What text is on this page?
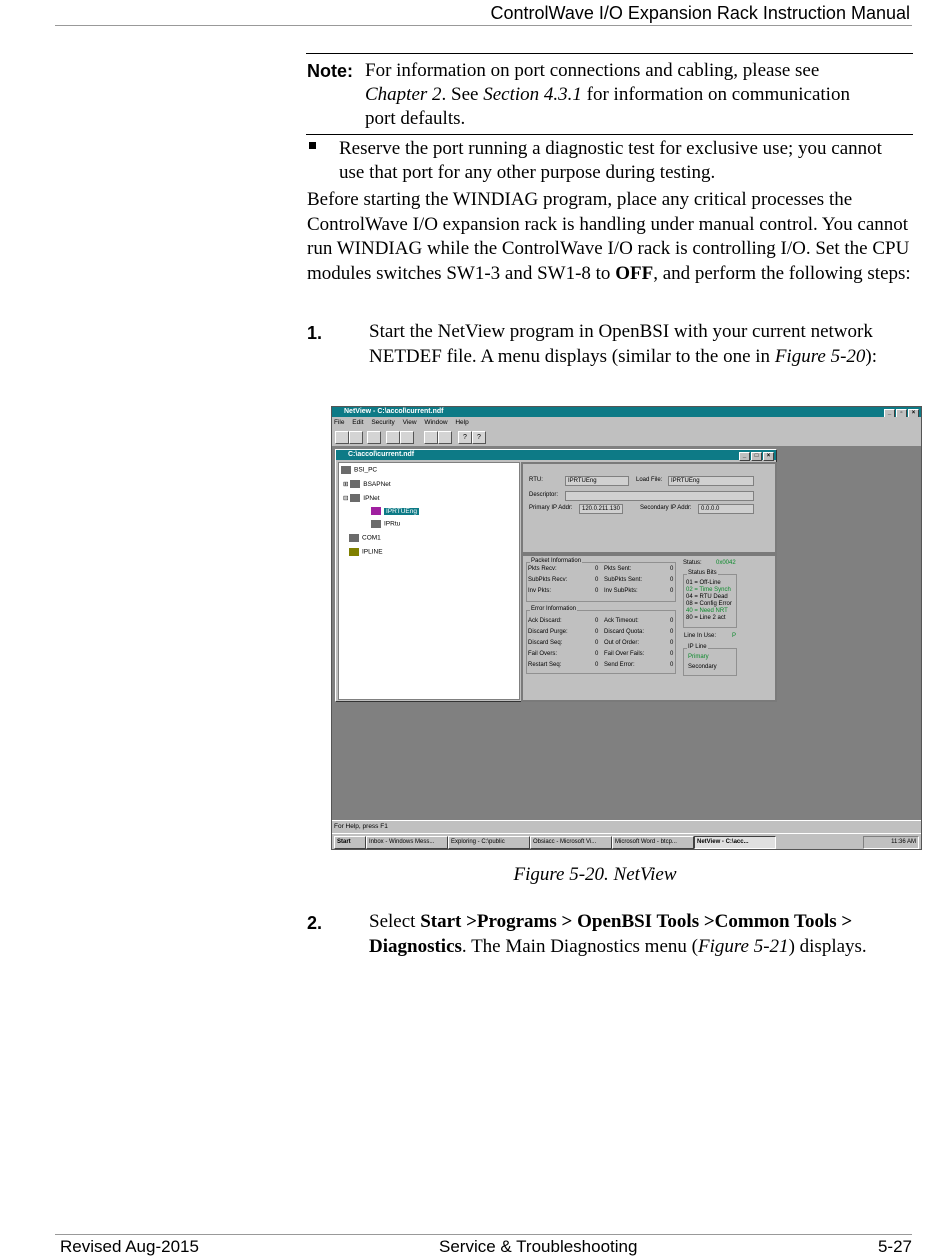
ControlWave I/O Expansion Rack Instruction Manual
Note: For information on port connections and cabling, please see
Chapter 2. See Section 4.3.1 for information on communication
port defaults.
Reserve the port running a diagnostic test for exclusive use; you cannot use that port for any other purpose during testing.
Before starting the WINDIAG program, place any critical processes the ControlWave I/O expansion rack is handling under manual control. You cannot run WINDIAG while the ControlWave I/O rack is controlling I/O. Set the CPU modules switches SW1-3 and SW1-8 to OFF, and perform the following steps:
1. Start the NetView program in OpenBSI with your current network NETDEF file. A menu displays (similar to the one in Figure 5-20):
NetView - C:\accol\current.ndf	_ ▫ ×
File Edit Security View Window Help
?	?
C:\accol\current.ndf	_ □ ×
BSI_PC
⊞ BSAPNet
⊟ IPNet
IPRTUEng
IPRtu
COM1
IPLINE
RTU:	IPRTUEng	Load File:	IPRTUEng
Descriptor:
Primary IP Addr:	120.0.211.130	Secondary IP Addr:	0.0.0.0
Packet Information
Error Information
Pkts Recv:	0 Pkts Sent:	0
SubPkts Recv:	0 SubPkts Sent:	0
Inv Pkts:	0 Inv SubPkts:	0
Ack Discard:	0 Ack Timeout:	0
Discard Purge:	0 Discard Quota:	0
Discard Seq:	0 Out of Order:	0
Fail Overs:	0 Fail Over Fails:	0
Restart Seq:	0 Send Error:	0
Status: 0x0042
Status Bits
01 = Off-Line
02 = Time Synch
04 = RTU Dead
08 = Config Error
40 = Need NRT
80 = Line 2 act
Line In Use:	P
IP Line
Primary
Secondary
For Help, press F1
Start	Inbox - Windows Mess...	Exploring - C:\public	Obsiacc - Microsoft Vi...	Microsoft Word - btcp...	NetView - C:\acc...	11:36 AM
Figure 5-20. NetView
2. Select Start >Programs > OpenBSI Tools >Common Tools > Diagnostics. The Main Diagnostics menu (Figure 5-21) displays.
Revised Aug-2015	Service & Troubleshooting	5-27
